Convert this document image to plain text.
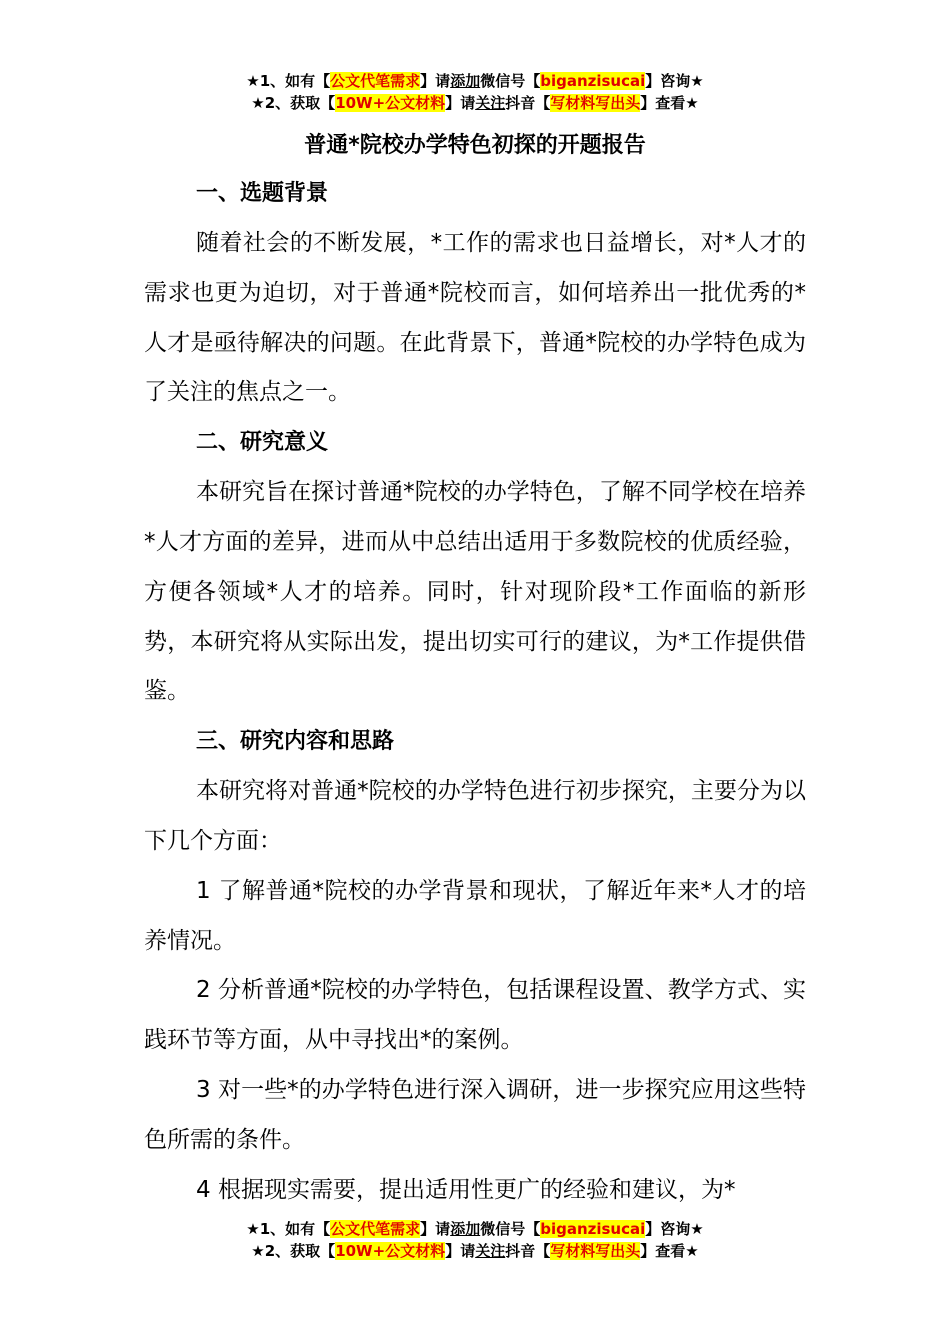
★1、如有【公文代笔需求】请添加微信号【biganzisucai】咨询★
★2、获取【10W+公文材料】请关注抖音【写材料写出头】查看★
普通*院校办学特色初探的开题报告
一、选题背景

随着社会的不断发展，*工作的需求也日益增长，对*人才的需求也更为迫切，对于普通*院校而言，如何培养出一批优秀的*人才是亟待解决的问题。在此背景下，普通*院校的办学特色成为了关注的焦点之一。

二、研究意义

本研究旨在探讨普通*院校的办学特色，了解不同学校在培养*人才方面的差异，进而从中总结出适用于多数院校的优质经验，方便各领域*人才的培养。同时，针对现阶段*工作面临的新形势，本研究将从实际出发，提出切实可行的建议，为*工作提供借鉴。

三、研究内容和思路

本研究将对普通*院校的办学特色进行初步探究，主要分为以下几个方面：

1 了解普通*院校的办学背景和现状，了解近年来*人才的培养情况。

2 分析普通*院校的办学特色，包括课程设置、教学方式、实践环节等方面，从中寻找出*的案例。

3 对一些*的办学特色进行深入调研，进一步探究应用这些特色所需的条件。

4 根据现实需要，提出适用性更广的经验和建议，为*

★1、如有【公文代笔需求】请添加微信号【biganzisucai】咨询★
★2、获取【10W+公文材料】请关注抖音【写材料写出头】查看★
